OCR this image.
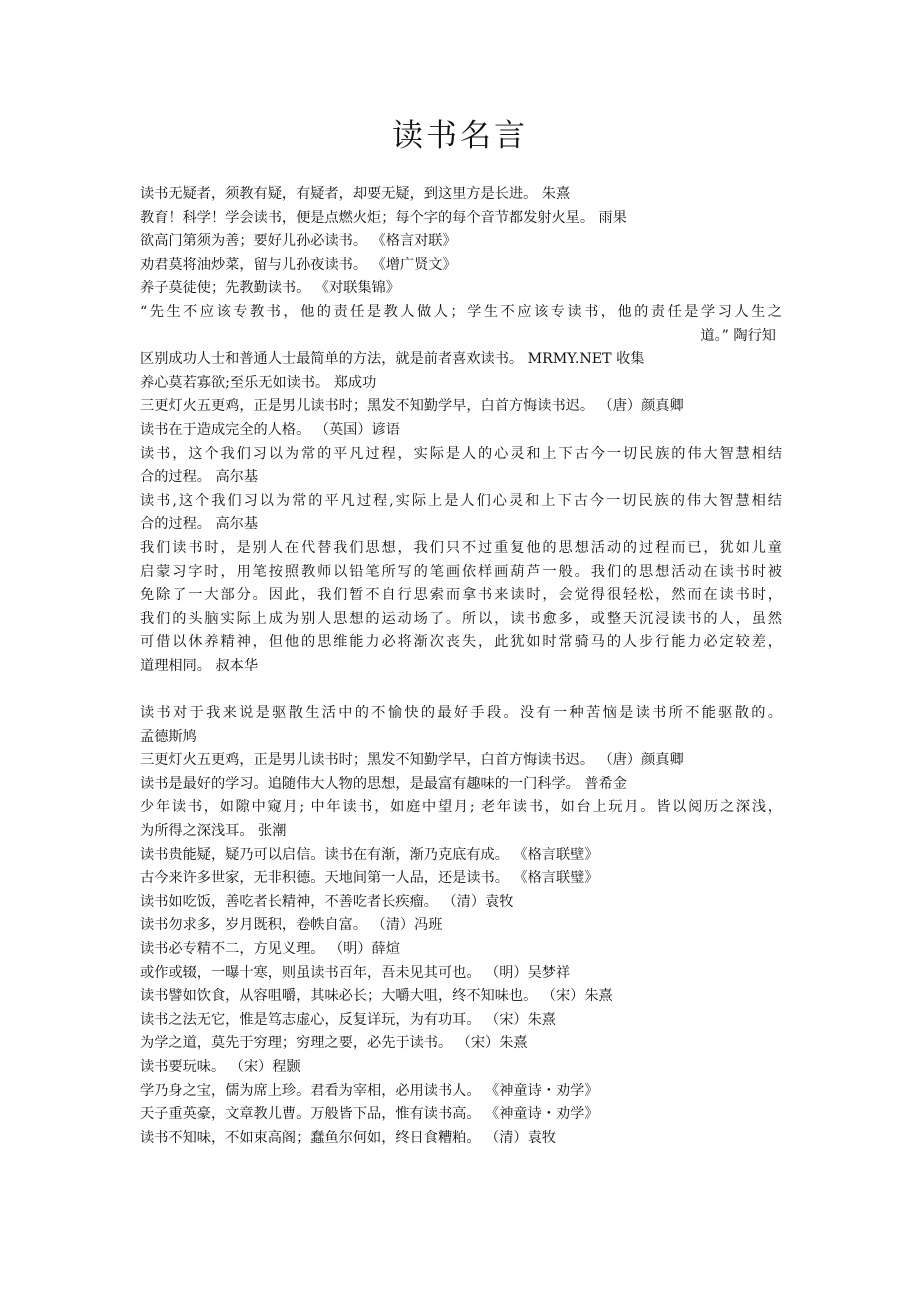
读书名言
读书无疑者，须教有疑，有疑者，却要无疑，到这里方是长进。 朱熹
教育！科学！学会读书，便是点燃火炬；每个字的每个音节都发射火星。 雨果
欲高门第须为善；要好儿孙必读书。 《格言对联》
劝君莫将油炒菜，留与儿孙夜读书。 《增广贤文》
养子莫徒使；先教勤读书。 《对联集锦》
“先生不应该专教书，他的责任是教人做人；学生不应该专读书，他的责任是学习人生之
道。” 陶行知
区别成功人士和普通人士最简单的方法，就是前者喜欢读书。 MRMY.NET 收集
养心莫若寡欲;至乐无如读书。 郑成功
三更灯火五更鸡，正是男儿读书时；黑发不知勤学早，白首方悔读书迟。 （唐）颜真卿
读书在于造成完全的人格。 （英国）谚语
读书，这个我们习以为常的平凡过程，实际是人的心灵和上下古今一切民族的伟大智慧相结
合的过程。 高尔基
读书,这个我们习以为常的平凡过程,实际上是人们心灵和上下古今一切民族的伟大智慧相结
合的过程。 高尔基
我们读书时，是别人在代替我们思想，我们只不过重复他的思想活动的过程而已，犹如儿童
启蒙习字时，用笔按照教师以铅笔所写的笔画依样画葫芦一般。我们的思想活动在读书时被
免除了一大部分。因此，我们暂不自行思索而拿书来读时，会觉得很轻松，然而在读书时，
我们的头脑实际上成为别人思想的运动场了。所以，读书愈多，或整天沉浸读书的人，虽然
可借以休养精神，但他的思维能力必将渐次丧失，此犹如时常骑马的人步行能力必定较差，
道理相同。 叔本华
读书对于我来说是驱散生活中的不愉快的最好手段。没有一种苦恼是读书所不能驱散的。
孟德斯鸠
三更灯火五更鸡，正是男儿读书时；黑发不知勤学早，白首方悔读书迟。 （唐）颜真卿
读书是最好的学习。追随伟大人物的思想，是最富有趣味的一门科学。 普希金
少年读书，如隙中窥月; 中年读书，如庭中望月; 老年读书，如台上玩月。皆以阅历之深浅，
为所得之深浅耳。 张潮
读书贵能疑，疑乃可以启信。读书在有渐，渐乃克底有成。 《格言联壁》
古今来许多世家，无非积德。天地间第一人品，还是读书。 《格言联璧》
读书如吃饭，善吃者长精神，不善吃者长疾瘤。 （清）袁牧
读书勿求多，岁月既积，卷帙自富。 （清）冯班
读书必专精不二，方见义理。 （明）薛煊
或作或辍，一曝十寒，则虽读书百年，吾未见其可也。 （明）吴梦祥
读书譬如饮食，从容咀嚼，其味必长；大嚼大咀，终不知味也。 （宋）朱熹
读书之法无它，惟是笃志虚心，反复详玩，为有功耳。 （宋）朱熹
为学之道，莫先于穷理；穷理之要，必先于读书。 （宋）朱熹
读书要玩味。 （宋）程颢
学乃身之宝，儒为席上珍。君看为宰相，必用读书人。 《神童诗・劝学》
天子重英豪，文章教儿曹。万般皆下品，惟有读书高。 《神童诗・劝学》
读书不知味，不如束高阁；蠢鱼尔何如，终日食糟粕。 （清）袁牧
